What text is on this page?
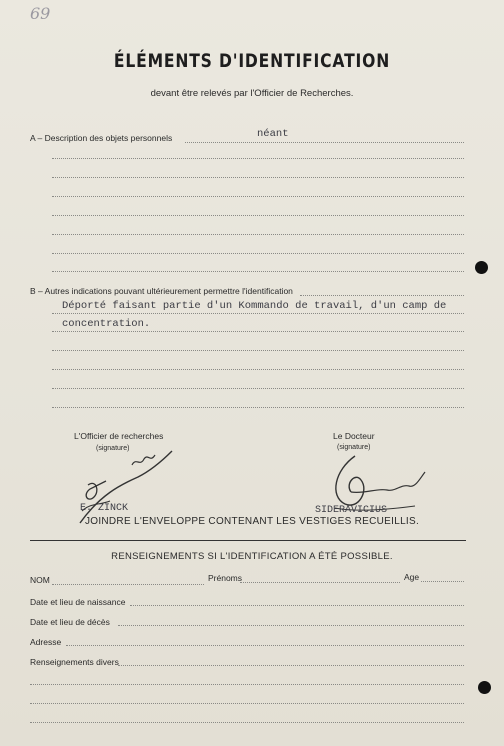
69
ÉLÉMENTS D'IDENTIFICATION
devant être relevés par l'Officier de Recherches.
A – Description des objets personnels	néant
B – Autres indications pouvant ultérieurement permettre l'identification
Déporté faisant partie d'un Kommando de travail, d'un camp de
concentration.
L'Officier de recherches
(signature)
Le Docteur
(signature)
E. ZINCK	SIDERAVICIUS
JOINDRE L'ENVELOPPE CONTENANT LES VESTIGES RECUEILLIS.
RENSEIGNEMENTS SI L'IDENTIFICATION A ÉTÉ POSSIBLE.
NOM	Prénoms	Age
Date et lieu de naissance
Date et lieu de décès
Adresse
Renseignements divers
